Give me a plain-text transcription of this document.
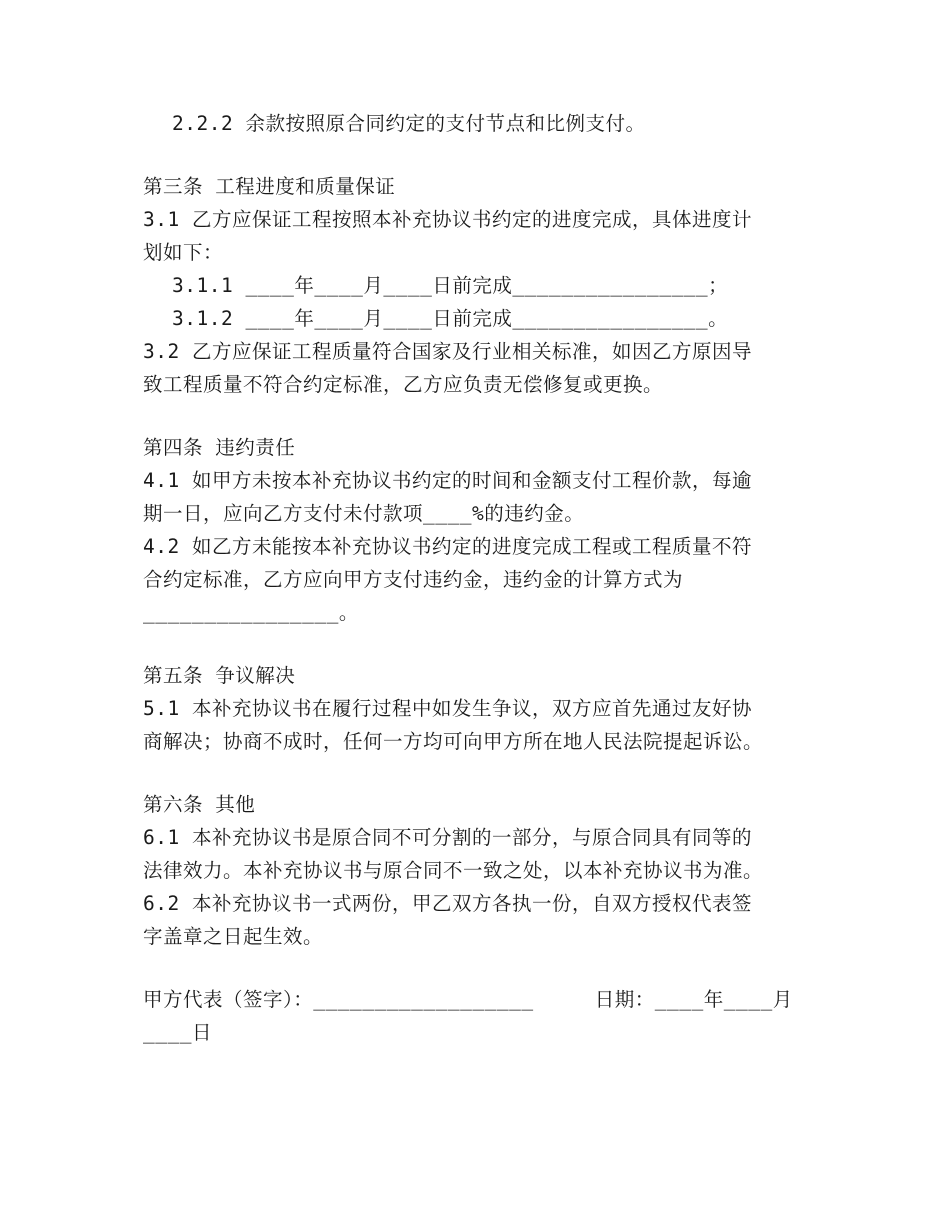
2.2.2 余款按照原合同约定的支付节点和比例支付。
第三条 工程进度和质量保证
3.1 乙方应保证工程按照本补充协议书约定的进度完成，具体进度计
划如下：
3.1.1 ____年____月____日前完成________________；
3.1.2 ____年____月____日前完成________________。
3.2 乙方应保证工程质量符合国家及行业相关标准，如因乙方原因导
致工程质量不符合约定标准，乙方应负责无偿修复或更换。
第四条 违约责任
4.1 如甲方未按本补充协议书约定的时间和金额支付工程价款，每逾
期一日，应向乙方支付未付款项____%的违约金。
4.2 如乙方未能按本补充协议书约定的进度完成工程或工程质量不符
合约定标准，乙方应向甲方支付违约金，违约金的计算方式为
________________。
第五条 争议解决
5.1 本补充协议书在履行过程中如发生争议，双方应首先通过友好协
商解决；协商不成时，任何一方均可向甲方所在地人民法院提起诉讼。
第六条 其他
6.1 本补充协议书是原合同不可分割的一部分，与原合同具有同等的
法律效力。本补充协议书与原合同不一致之处，以本补充协议书为准。
6.2 本补充协议书一式两份，甲乙双方各执一份，自双方授权代表签
字盖章之日起生效。
甲方代表（签字）：__________________     日期：____年____月
____日
